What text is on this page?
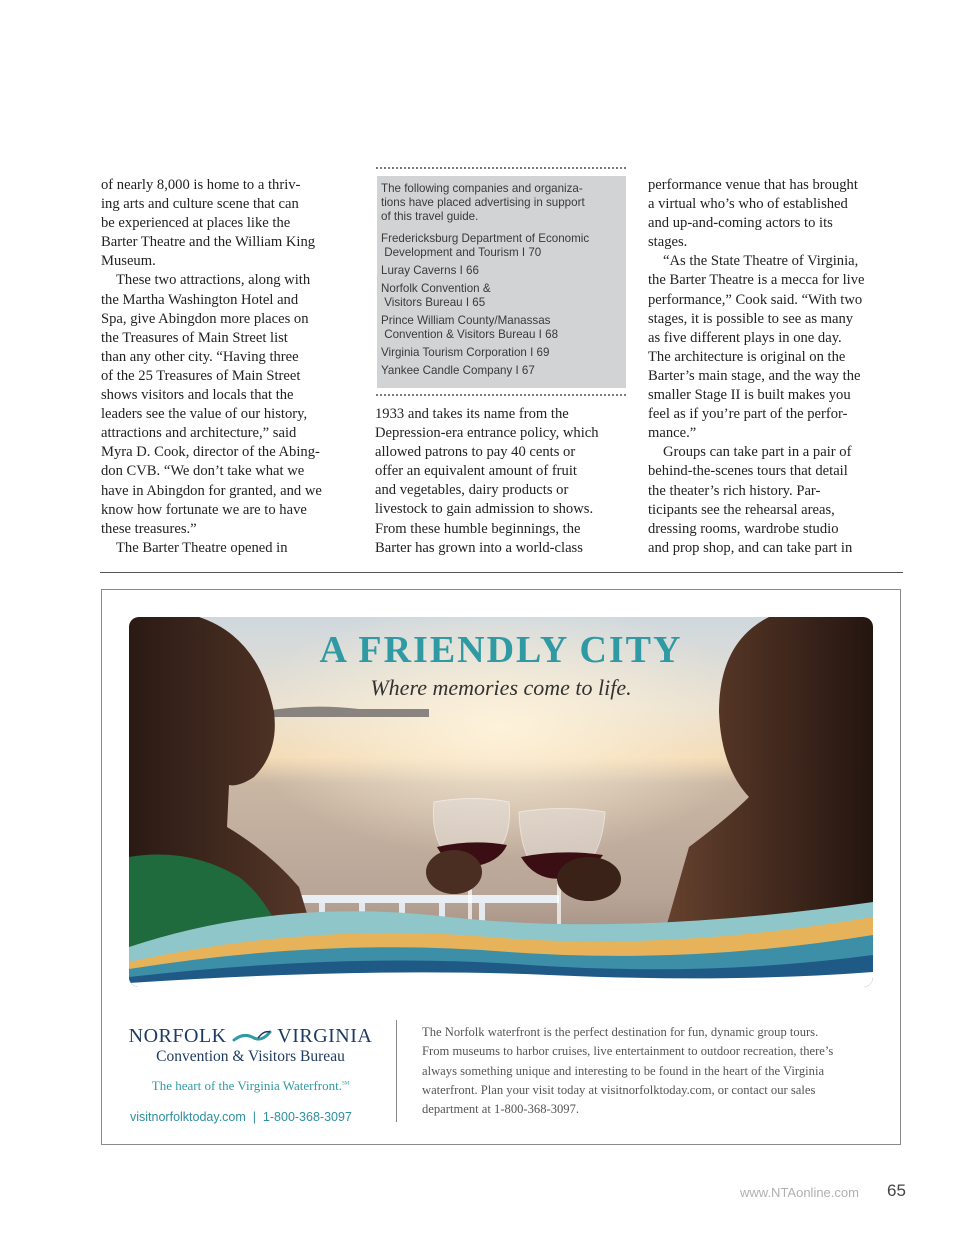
of nearly 8,000 is home to a thriv-
ing arts and culture scene that can
be experienced at places like the
Barter Theatre and the William King
Museum.
These two attractions, along with
the Martha Washington Hotel and
Spa, give Abingdon more places on
the Treasures of Main Street list
than any other city. “Having three
of the 25 Treasures of Main Street
shows visitors and locals that the
leaders see the value of our history,
attractions and architecture,” said
Myra D. Cook, director of the Abing-
don CVB. “We don’t take what we
have in Abingdon for granted, and we
know how fortunate we are to have
these treasures.”
The Barter Theatre opened in
The following companies and organiza-
tions have placed advertising in support
of this travel guide.
Fredericksburg Department of Economic
Development and Tourism I 70
Luray Caverns I 66
Norfolk Convention &
Visitors Bureau I 65
Prince William County/Manassas
Convention & Visitors Bureau I 68
Virginia Tourism Corporation I 69
Yankee Candle Company I 67
1933 and takes its name from the
Depression-era entrance policy, which
allowed patrons to pay 40 cents or
offer an equivalent amount of fruit
and vegetables, dairy products or
livestock to gain admission to shows.
From these humble beginnings, the
Barter has grown into a world-class
performance venue that has brought
a virtual who’s who of established
and up-and-coming actors to its
stages.
“As the State Theatre of Virginia,
the Barter Theatre is a mecca for live
performance,” Cook said. “With two
stages, it is possible to see as many
as five different plays in one day.
The architecture is original on the
Barter’s main stage, and the way the
smaller Stage II is built makes you
feel as if you’re part of the perfor-
mance.”
Groups can take part in a pair of
behind-the-scenes tours that detail
the theater’s rich history. Par-
ticipants see the rehearsal areas,
dressing rooms, wardrobe studio
and prop shop, and can take part in
A FRIENDLY CITY
Where memories come to life.
NORFOLK	VIRGINIA
Convention & Visitors Bureau
The heart of the Virginia Waterfront.℠
visitnorfolktoday.com  |  1-800-368-3097
The Norfolk waterfront is the perfect destination for fun, dynamic group tours.
From museums to harbor cruises, live entertainment to outdoor recreation, there’s
always something unique and interesting to be found in the heart of the Virginia
waterfront. Plan your visit today at visitnorfolktoday.com, or contact our sales
department at 1-800-368-3097.
www.NTAonline.com 65
